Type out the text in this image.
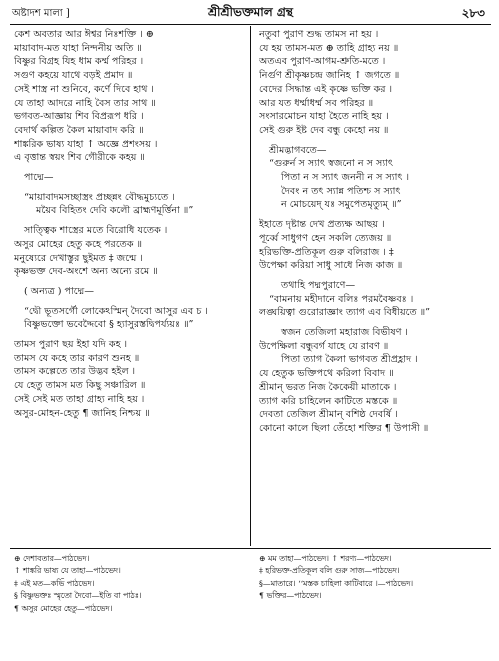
অষ্টাদশ মালা ]	শ্রীশ্রীভক্তমাল গ্রন্থ	২৮৩
কেশ অবতার আর ঈশ্বর নিঃশক্তি । ⊕
মায়াবাদ-মত যাহা নিন্দনীয় অতি ॥
বিষ্ণুর বিগ্রহ যিহ ধাম কর্ম্ম পরিহর ।
সগুণ কহয়ে যাথে বড়ই প্রমাদ ॥
সেই শাস্ত্র না শুনিবে, কর্ণে দিবে হাথ ।
যে তাহা আদরে নাহি বৈস তার সাথ ॥
ভগবত-আজ্ঞায় শিব বিপ্ররূপ ধরি ।
বেদার্থ কল্পিত কৈল মায়াবাদ করি ॥
শাঙ্করিক ভাষ্য যাহা ↑ অজ্ঞে প্রশংসয় ।
এ বৃত্তান্ত স্বয়ং শিব গৌরীকে কহয় ॥
পাদ্মে—
“মায়াবাদমসচ্ছাস্ত্রং প্রচ্ছন্নং বৌদ্ধমুচ্যতে ।
ময়ৈব বিহিতং দেবি কলৌ ব্রাহ্মণমূর্ত্তিনা ॥”
সাত্ত্বিক শাস্ত্রের মতে বিরোধি যতেক ।
অসুর মোহের হেতু কহে পরতেক ॥
মনুষ্যেরে দেখাস্তুর ছুইমত ‡ জন্মে ।
কৃষ্ণভক্ত দেব-অংশে অন্য অন্যে রমে ॥
( অন্যত্র ) পাদ্মে—
“দ্বৌ ভূতসর্গৌ লোকেঽস্মিন্‌ দৈবো আসুর এব চ ।
বিষ্ণুভক্তো ভবেদ্দৈবো § হ্যাসুরস্তদ্বিপর্য্যয়ঃ ॥”
তামস পুরাণ ছয় ইহা যদি কহ ।
তামস যে কহে তার কারণ শুনহ ॥
তামস কল্পেতে তার উদ্ভব হইল ।
যে হেতু তামস মত কিছু সঞ্চারিল ॥
সেই সেই মত তাহা গ্রাহ্য নাহি হয় ।
অসুর-মোহন-হেতু ¶ জানিহ নিশ্চয় ॥
নতুবা পুরাণ শুদ্ধ তামস না হয় ।
যে হয় তামস-মত ⊕ তাহি গ্রাহ্য নয় ॥
অতএব পুরাণ-আগম-শ্রুতি-মতে ।
নির্গুণ শ্রীকৃষ্ণচন্দ্র জানিহ ↑ জগতে ॥
বেদের সিদ্ধান্ত এই কৃষ্ণে ভক্তি কর ।
আর যত ধর্ম্মাধর্ম্ম সব পরিহর ॥
সংসারমোচন যাহা হৈতে নাহি হয় ।
সেই গুরু ইষ্ট দেব বন্ধু কেহো নয় ॥
শ্রীমদ্ভাগবতে—
“গুরুর্ন স স্যাৎ স্বজনো ন স স্যাৎ
পিতা ন স স্যাৎ জননী ন স স্যাৎ ।
দৈবং ন তৎ স্যান্ন পতিশ্চ স স্যাৎ
ন মোচয়েদ্ যঃ সমুপেতমৃত্যুম্ ॥”
ইহাতে দৃষ্টান্ত দেখ প্রত্যক্ষ আছয় ।
পূর্ব্বে সাধুগণ হেন সকলি ত্যেজয় ॥
হরিভক্তি-প্রতিকূল গুরু বলিরাজ । ‡
উপেক্ষা করিয়া সাধু সাধে নিজ কাজ ॥
তথাহি পদ্মপুরাণে—
“বামনায় মহীদানে বলিঃ পরমবৈষ্ণবঃ ।
লঙ্ঘয়িত্বা গুরোরাজ্ঞাং ত্যাগ এব বিধীয়তে ॥”
স্বজন তেজিলা মহারাজ বিভীষণ ।
উপেক্ষিলা বন্ধুবর্গ যাহে যে রাবণ ॥
পিতা ত্যাগ কৈলা ভাগবত শ্রীপ্রহ্লাদ ।
যে হেতুক ভক্তিপথে করিলা বিবাদ ॥
শ্রীমান্ ভরত নিজ কৈকেয়ী মাতাকে ।
ত্যাগ করি চাহিলেন কাটিতে মস্তকে ॥
দেবতা তেজিল শ্রীমান্ বশিষ্ঠ দেবর্ষি ।
কোনো কালে ছিলা তেঁহো শক্তির ¶ উপাসী ॥
⊕ দেশাবতার—পাঠভেদ।
↑ শাঙ্করি ভাষ্য যে তাহা—পাঠভেদ।
‡ এই মত—কভিঁ পাঠভেদ।
§ বিষ্ণুভক্তঃ স্মৃতো দৈবো—ইতি বা পাঠঃ।
¶ অসুর মোহের হেতু—পাঠভেদ।
⊕ মম তাহা—পাঠভেদ। ↑ শরণ্য—পাঠভেদ।
‡ হরিভক্ত-প্রতিকূল বলি গুরু সাজ—পাঠভেদ।
§—মাতারে। ‘‘মস্তক চাহিলা কাটিবারে ।—পাঠভেদ।
¶ ভক্তির—পাঠভেদ।
